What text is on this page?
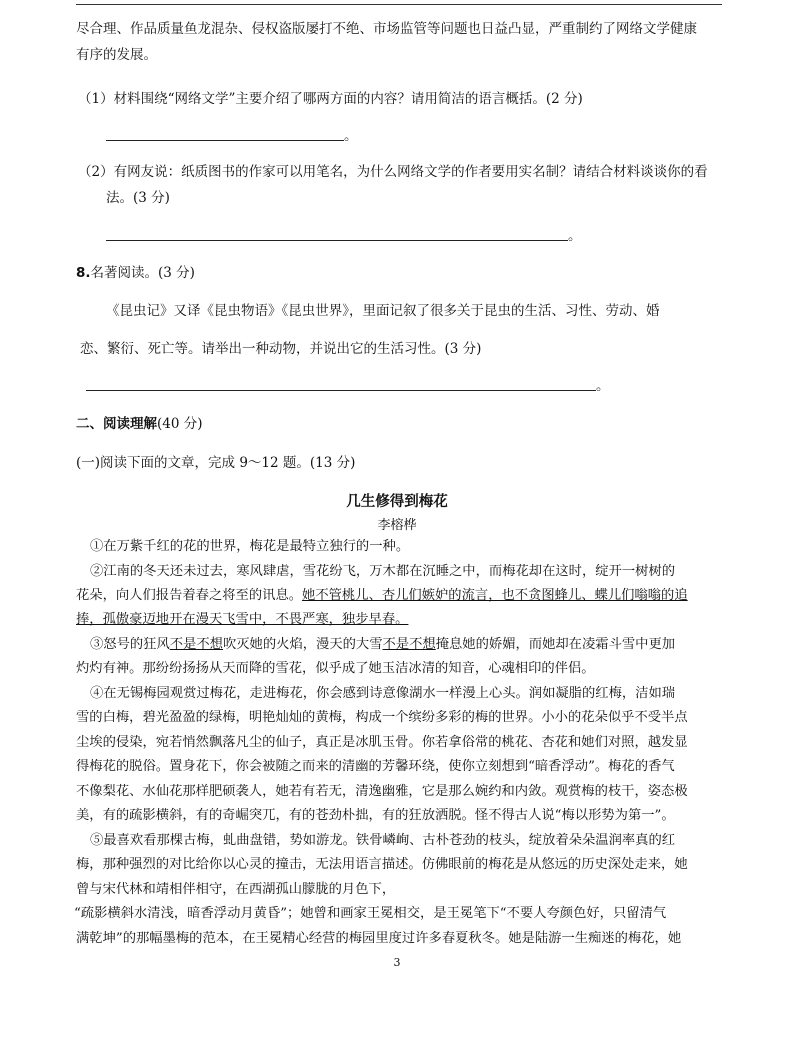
尽合理、作品质量鱼龙混杂、侵权盗版屡打不绝、市场监管等问题也日益凸显，严重制约了网络文学健康
有序的发展。
（1）材料围绕“网络文学”主要介绍了哪两方面的内容？请用简洁的语言概括。(2 分)
。
（2）有网友说：纸质图书的作家可以用笔名，为什么网络文学的作者要用实名制？请结合材料谈谈你的看
法。(3 分)
。
8.名著阅读。(3 分)
《昆虫记》又译《昆虫物语》《昆虫世界》，里面记叙了很多关于昆虫的生活、习性、劳动、婚
恋、繁衍、死亡等。请举出一种动物，并说出它的生活习性。(3 分)
。
二、阅读理解(40 分)
(一)阅读下面的文章，完成 9～12 题。(13 分)
几生修得到梅花
李榕桦
①在万紫千红的花的世界，梅花是最特立独行的一种。
②江南的冬天还未过去，寒风肆虐，雪花纷飞，万木都在沉睡之中，而梅花却在这时，绽开一树树的
花朵，向人们报告着春之将至的讯息。她不管桃儿、杏儿们嫉妒的流言，也不贪图蜂儿、蝶儿们嗡嗡的追
捧，孤傲豪迈地开在漫天飞雪中，不畏严寒，独步早春。
③怒号的狂风不是不想吹灭她的火焰，漫天的大雪不是不想掩息她的娇媚，而她却在凌霜斗雪中更加
灼灼有神。那纷纷扬扬从天而降的雪花，似乎成了她玉洁冰清的知音，心魂相印的伴侣。
④在无锡梅园观赏过梅花，走进梅花，你会感到诗意像湖水一样漫上心头。润如凝脂的红梅，洁如瑞
雪的白梅，碧光盈盈的绿梅，明艳灿灿的黄梅，构成一个缤纷多彩的梅的世界。小小的花朵似乎不受半点
尘埃的侵染，宛若悄然飘落凡尘的仙子，真正是冰肌玉骨。你若拿俗常的桃花、杏花和她们对照，越发显
得梅花的脱俗。置身花下，你会被随之而来的清幽的芳馨环绕，使你立刻想到“暗香浮动”。梅花的香气
不像梨花、水仙花那样肥硕袭人，她若有若无，清逸幽雅，它是那么婉约和内敛。观赏梅的枝干，姿态极
美，有的疏影横斜，有的奇崛突兀，有的苍劲朴拙，有的狂放洒脱。怪不得古人说“梅以形势为第一”。
⑤最喜欢看那棵古梅，虬曲盘错，势如游龙。铁骨嶙峋、古朴苍劲的枝头，绽放着朵朵温润率真的红
梅，那种强烈的对比给你以心灵的撞击，无法用语言描述。仿佛眼前的梅花是从悠远的历史深处走来，她
曾与宋代林和靖相伴相守，在西湖孤山朦胧的月色下，
“疏影横斜水清浅，暗香浮动月黄昏”；她曾和画家王冕相交，是王冕笔下“不要人夸颜色好，只留清气
满乾坤”的那幅墨梅的范本，在王冕精心经营的梅园里度过许多春夏秋冬。她是陆游一生痴迷的梅花，她
3
